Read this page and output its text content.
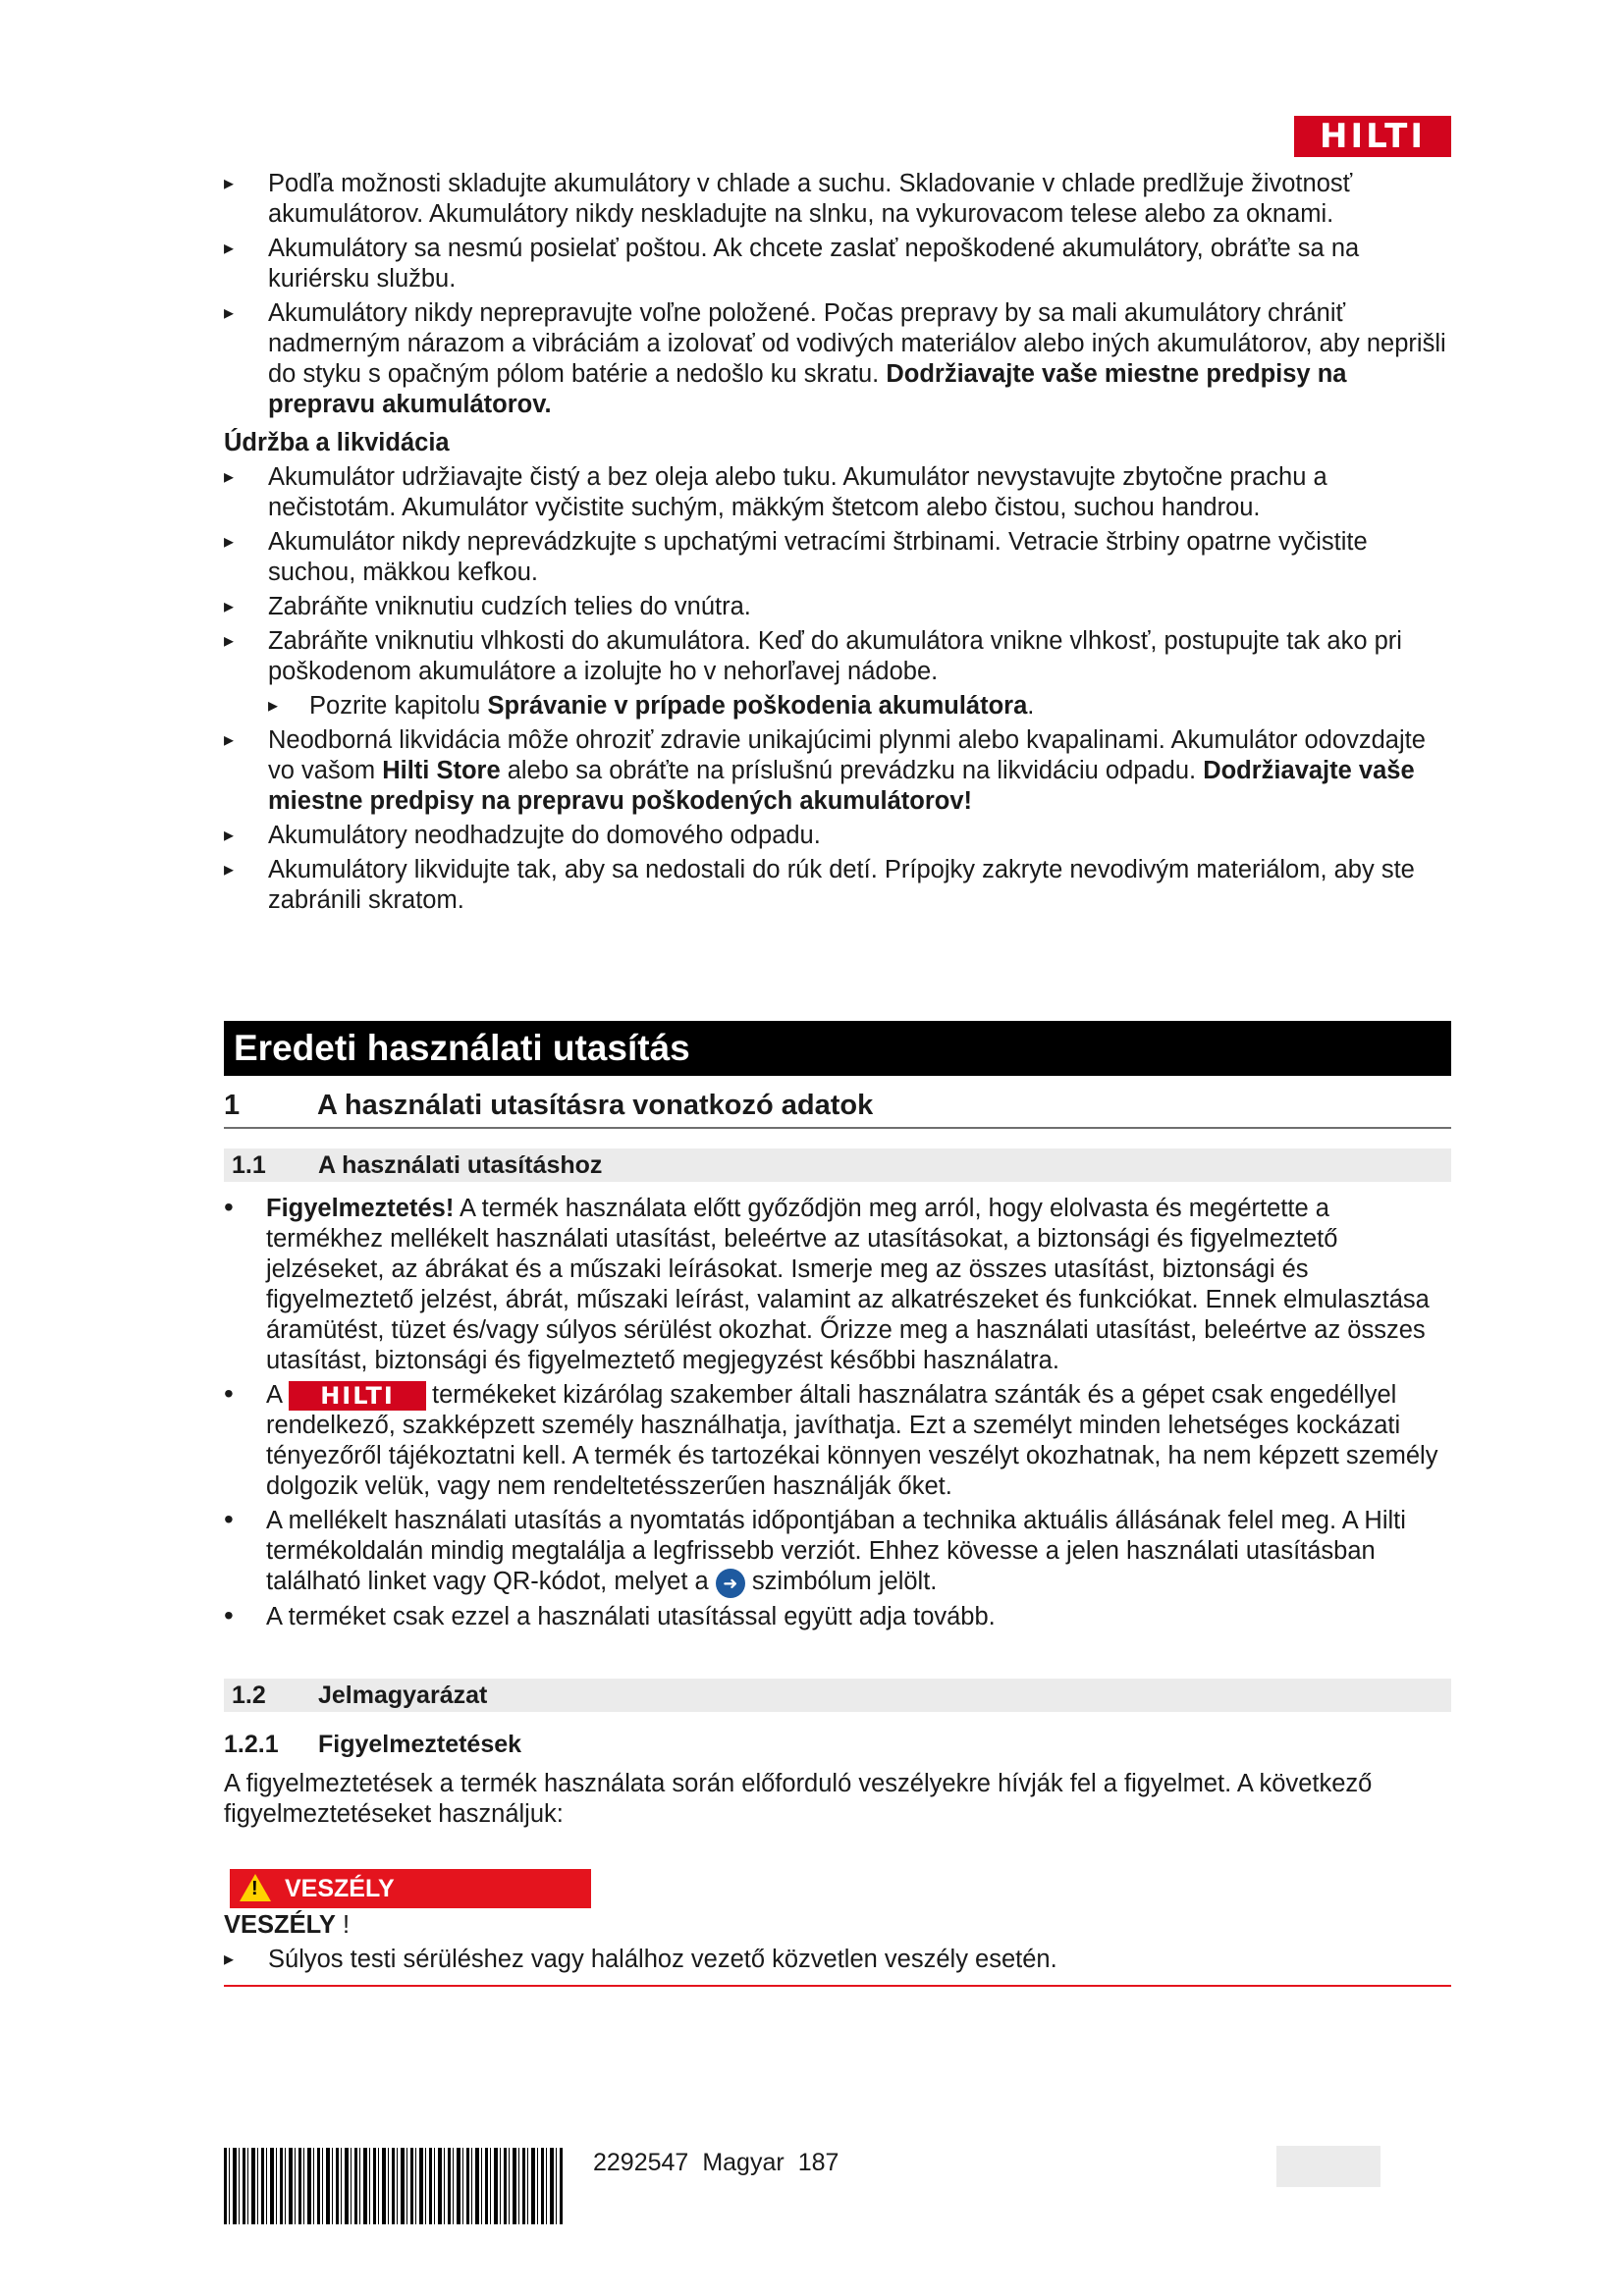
HILTI
▸ Podľa možnosti skladujte akumulátory v chlade a suchu. Skladovanie v chlade predlžuje životnosť akumulátorov. Akumulátory nikdy neskladujte na slnku, na vykurovacom telese alebo za oknami.
▸ Akumulátory sa nesmú posielať poštou. Ak chcete zaslať nepoškodené akumulátory, obráťte sa na kuriérsku službu.
▸ Akumulátory nikdy neprepravujte voľne položené. Počas prepravy by sa mali akumulátory chrániť nadmerným nárazom a vibráciám a izolovať od vodivých materiálov alebo iných akumulátorov, aby neprišli do styku s opačným pólom batérie a nedošlo ku skratu. Dodržiavajte vaše miestne predpisy na prepravu akumulátorov.
Údržba a likvidácia
▸ Akumulátor udržiavajte čistý a bez oleja alebo tuku. Akumulátor nevystavujte zbytočne prachu a nečistotám. Akumulátor vyčistite suchým, mäkkým štetcom alebo čistou, suchou handrou.
▸ Akumulátor nikdy neprevádzkujte s upchatými vetracími štrbinami. Vetracie štrbiny opatrne vyčistite suchou, mäkkou kefkou.
▸ Zabráňte vniknutiu cudzích telies do vnútra.
▸ Zabráňte vniknutiu vlhkosti do akumulátora. Keď do akumulátora vnikne vlhkosť, postupujte tak ako pri poškodenom akumulátore a izolujte ho v nehorľavej nádobe.
▸ Pozrite kapitolu Správanie v prípade poškodenia akumulátora.
▸ Neodborná likvidácia môže ohroziť zdravie unikajúcimi plynmi alebo kvapalinami. Akumulátor odovzdajte vo vašom Hilti Store alebo sa obráťte na príslušnú prevádzku na likvidáciu odpadu. Dodržiavajte vaše miestne predpisy na prepravu poškodených akumulátorov!
▸ Akumulátory neodhadzujte do domového odpadu.
▸ Akumulátory likvidujte tak, aby sa nedostali do rúk detí. Prípojky zakryte nevodivým materiálom, aby ste zabránili skratom.
Eredeti használati utasítás
1	A használati utasításra vonatkozó adatok
1.1 A használati utasításhoz
• Figyelmeztetés! A termék használata előtt győződjön meg arról, hogy elolvasta és megértette a termékhez mellékelt használati utasítást, beleértve az utasításokat, a biztonsági és figyelmeztető jelzéseket, az ábrákat és a műszaki leírásokat. Ismerje meg az összes utasítást, biztonsági és figyelmeztető jelzést, ábrát, műszaki leírást, valamint az alkatrészeket és funkciókat. Ennek elmulasztása áramütést, tüzet és/vagy súlyos sérülést okozhat. Őrizze meg a használati utasítást, beleértve az összes utasítást, biztonsági és figyelmeztető megjegyzést későbbi használatra.
• A HILTI termékeket kizárólag szakember általi használatra szánták és a gépet csak engedéllyel rendelkező, szakképzett személy használhatja, javíthatja. Ezt a személyt minden lehetséges kockázati tényezőről tájékoztatni kell. A termék és tartozékai könnyen veszélyt okozhatnak, ha nem képzett személy dolgozik velük, vagy nem rendeltetésszerűen használják őket.
• A mellékelt használati utasítás a nyomtatás időpontjában a technika aktuális állásának felel meg. A Hilti termékoldalán mindig megtalálja a legfrissebb verziót. Ehhez kövesse a jelen használati utasításban található linket vagy QR-kódot, melyet a ➜ szimbólum jelölt.
• A terméket csak ezzel a használati utasítással együtt adja tovább.
1.2 Jelmagyarázat
1.2.1 Figyelmeztetések
A figyelmeztetések a termék használata során előforduló veszélyekre hívják fel a figyelmet. A következő figyelmeztetéseket használjuk:
! VESZÉLY
VESZÉLY !
▸ Súlyos testi sérüléshez vagy halálhoz vezető közvetlen veszély esetén.
2292547 Magyar 187
